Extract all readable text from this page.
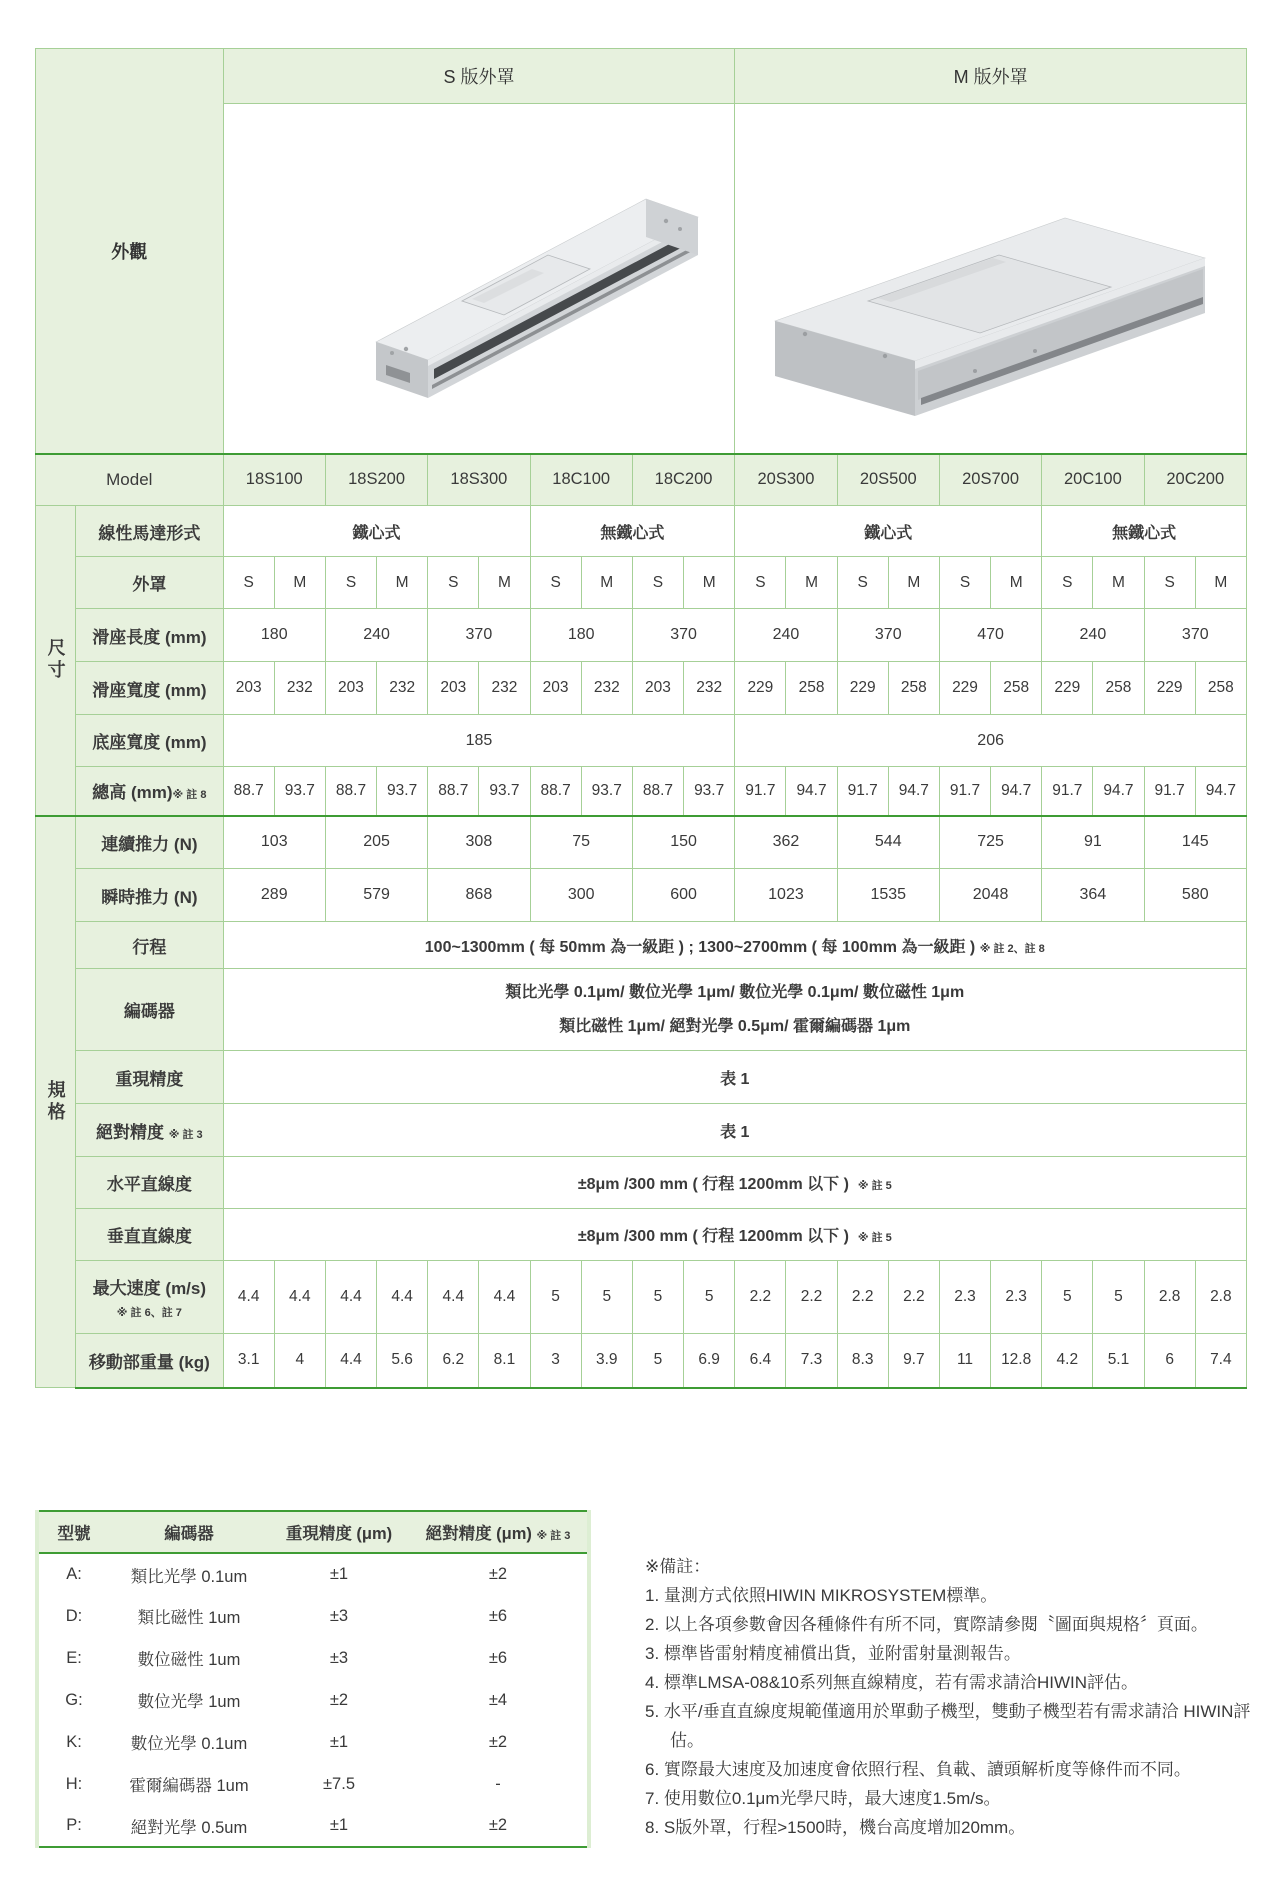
外觀		S 版外罩										M 版外罩									

Model		18S100		18S200		18S300		18C100		18C200		20S300		20S500		20S700		20C100		20C200	

尺寸	線性馬達形式	鐵心式						無鐵心式				鐵心式						無鐵心式			
	外罩	S	M	S	M	S	M	S	M	S	M	S	M	S	M	S	M	S	M	S	M
	滑座長度 (mm)	180		240		370		180		370		240		370		470		240		370	
	滑座寬度 (mm)	203	232	203	232	203	232	203	232	203	232	229	258	229	258	229	258	229	258	229	258
	底座寬度 (mm)	185										206									
	總高 (mm)※ 註 8	88.7	93.7	88.7	93.7	88.7	93.7	88.7	93.7	88.7	93.7	91.7	94.7	91.7	94.7	91.7	94.7	91.7	94.7	91.7	94.7

規格	連續推力 (N)	103		205		308		75		150		362		544		725		91		145	
	瞬時推力 (N)	289		579		868		300		600		1023		1535		2048		364		580	
	行程	100~1300mm ( 每 50mm 為一級距 ) ; 1300~2700mm ( 每 100mm 為一級距 ) ※ 註 2、註 8																			
	編碼器	類比光學 0.1μm/ 數位光學 1μm/ 數位光學 0.1μm/ 數位磁性 1μm
類比磁性 1μm/ 絕對光學 0.5μm/ 霍爾編碼器 1μm																			

	重現精度	表 1																			
	絕對精度 ※ 註 3	表 1																			
	水平直線度	±8μm /300 mm ( 行程 1200mm 以下 ) ※ 註 5																			
	垂直直線度	±8μm /300 mm ( 行程 1200mm 以下 ) ※ 註 5																			
	最大速度 (m/s)
※ 註 6、註 7	4.4	4.4	4.4	4.4	4.4	4.4	5	5	5	5	2.2	2.2	2.2	2.2	2.3	2.3	5	5	2.8	2.8
	移動部重量 (kg)	3.1	4	4.4	5.6	6.2	8.1	3	3.9	5	6.9	6.4	7.3	8.3	9.7	11	12.8	4.2	5.1	6	7.4
型號	編碼器	重現精度 (μm)	絕對精度 (μm) ※ 註 3
A:	類比光學 0.1um	±1	±2
D:	類比磁性 1um	±3	±6
E:	數位磁性 1um	±3	±6
G:	數位光學 1um	±2	±4
K:	數位光學 0.1um	±1	±2
H:	霍爾編碼器 1um	±7.5	-
P:	絕對光學 0.5um	±1	±2
※備註：
1. 量測方式依照HIWIN MIKROSYSTEM標準。
2. 以上各項參數會因各種條件有所不同，實際請參閱〝圖面與規格〞頁面。
3. 標準皆雷射精度補償出貨，並附雷射量測報告。
4. 標準LMSA-08&10系列無直線精度，若有需求請洽HIWIN評估。
5. 水平/垂直直線度規範僅適用於單動子機型，雙動子機型若有需求請洽 HIWIN評估。
6. 實際最大速度及加速度會依照行程、負載、讀頭解析度等條件而不同。
7. 使用數位0.1μm光學尺時，最大速度1.5m/s。
8. S版外罩，行程>1500時，機台高度增加20mm。
